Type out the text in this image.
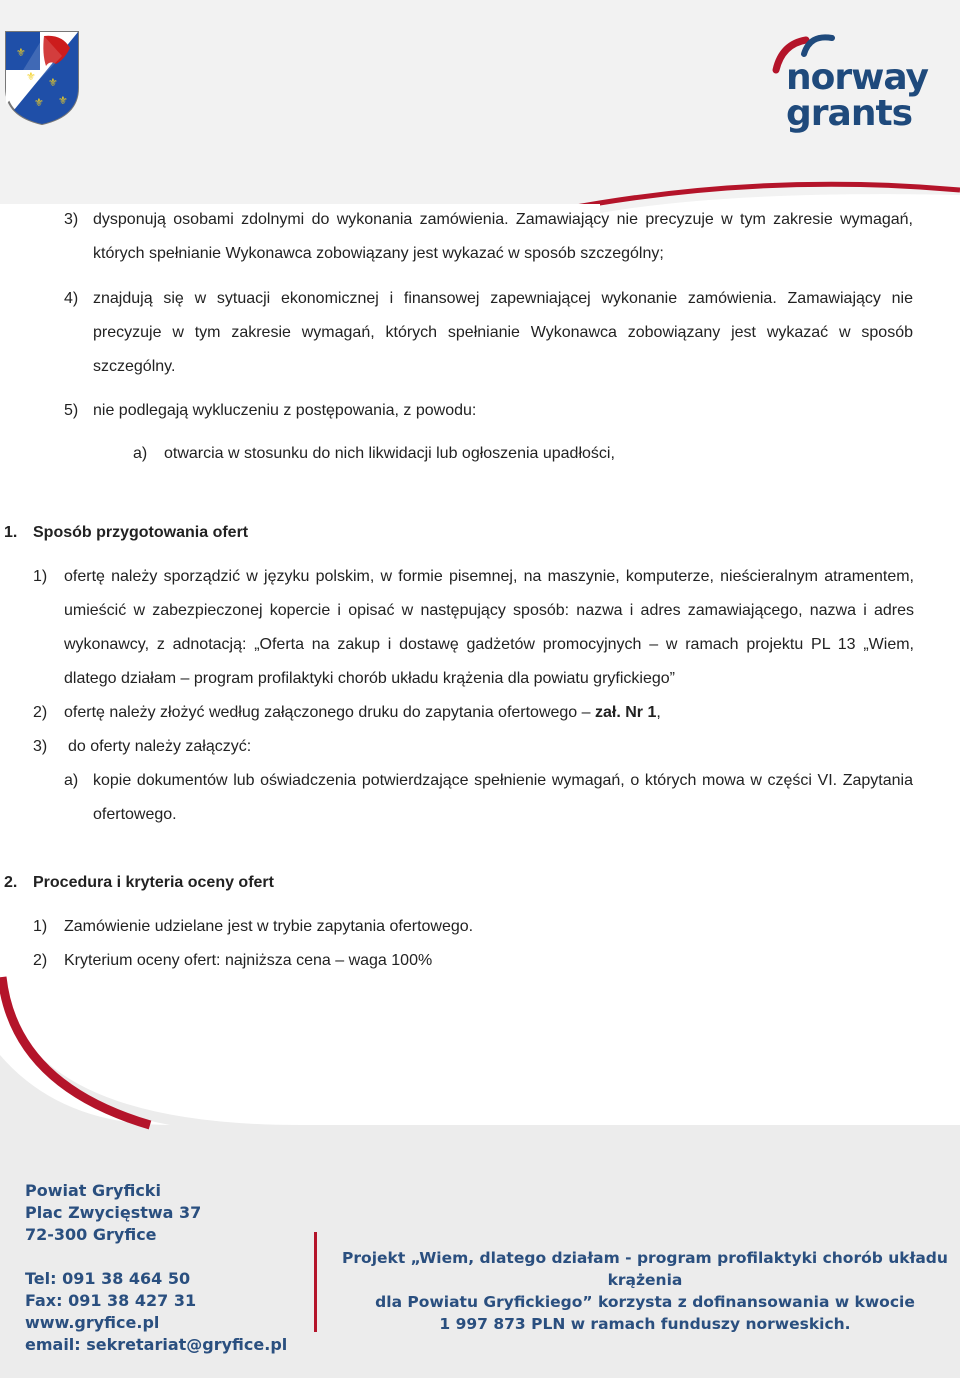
⚜
⚜ ⚜
⚜ ⚜
norway
grants
3) dysponują osobami zdolnymi do wykonania zamówienia. Zamawiający nie precyzuje w tym zakresie wymagań, których spełnianie Wykonawca zobowiązany jest wykazać w sposób szczególny;
4) znajdują się w sytuacji ekonomicznej i finansowej zapewniającej wykonanie zamówienia. Zamawiający nie precyzuje w tym zakresie wymagań, których spełnianie Wykonawca zobowiązany jest wykazać w sposób szczególny.
5) nie podlegają wykluczeniu z postępowania, z powodu:
a) otwarcia w stosunku do nich likwidacji lub ogłoszenia upadłości,
1. Sposób przygotowania ofert
1) ofertę należy sporządzić w języku polskim, w formie pisemnej, na maszynie, komputerze, nieścieralnym atramentem, umieścić w zabezpieczonej kopercie i opisać w następujący sposób: nazwa i adres zamawiającego, nazwa i adres wykonawcy, z adnotacją: „Oferta na zakup i dostawę gadżetów promocyjnych – w ramach projektu PL 13 „Wiem, dlatego działam – program profilaktyki chorób układu krążenia dla powiatu gryfickiego”
2) ofertę należy złożyć według załączonego druku do zapytania ofertowego – zał. Nr 1,
3) do oferty należy załączyć:
a) kopie dokumentów lub oświadczenia potwierdzające spełnienie wymagań, o których mowa w części VI. Zapytania ofertowego.
2. Procedura i kryteria oceny ofert
1) Zamówienie udzielane jest w trybie zapytania ofertowego.
2) Kryterium oceny ofert: najniższa cena – waga 100%
Powiat Gryficki
Plac Zwycięstwa 37
72-300 Gryfice
Tel: 091 38 464 50
Fax: 091 38 427 31
www.gryfice.pl
email: sekretariat@gryfice.pl
Projekt „Wiem, dlatego działam - program profilaktyki chorób układu krążenia
dla Powiatu Gryfickiego” korzysta z dofinansowania w kwocie
1 997 873 PLN w ramach funduszy norweskich.
